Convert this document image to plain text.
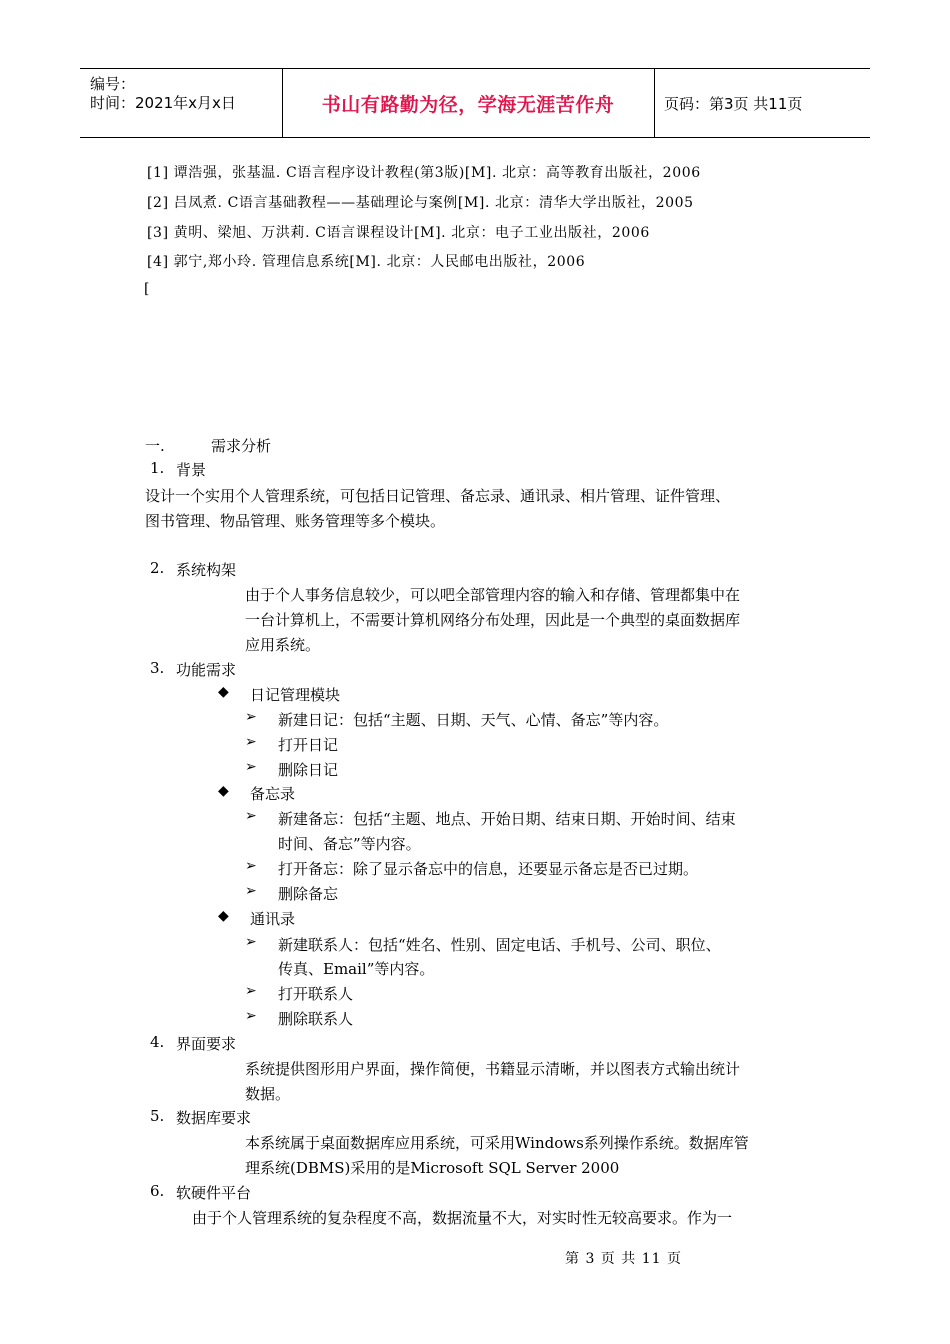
编号：
时间：2021年x月x日	书山有路勤为径，学海无涯苦作舟	页码：第3页 共11页
[1] 谭浩强，张基温. C语言程序设计教程(第3版)[M]. 北京：高等教育出版社，2006
[2] 吕凤煮. C语言基础教程——基础理论与案例[M]. 北京：清华大学出版社，2005
[3] 黄明、梁旭、万洪莉. C语言课程设计[M]. 北京：电子工业出版社，2006
[4] 郭宁,郑小玲. 管理信息系统[M]. 北京：人民邮电出版社，2006
[
一.	需求分析
1. 背景
设计一个实用个人管理系统，可包括日记管理、备忘录、通讯录、相片管理、证件管理、
图书管理、物品管理、账务管理等多个模块。
2. 系统构架
由于个人事务信息较少，可以吧全部管理内容的输入和存储、管理都集中在
一台计算机上，不需要计算机网络分布处理，因此是一个典型的桌面数据库
应用系统。
3. 功能需求
◆ 日记管理模块
➢ 新建日记：包括“主题、日期、天气、心情、备忘”等内容。
➢ 打开日记
➢ 删除日记
◆ 备忘录
➢ 新建备忘：包括“主题、地点、开始日期、结束日期、开始时间、结束
时间、备忘”等内容。
➢ 打开备忘：除了显示备忘中的信息，还要显示备忘是否已过期。
➢ 删除备忘
◆ 通讯录
➢ 新建联系人：包括“姓名、性别、固定电话、手机号、公司、职位、
传真、Email”等内容。
➢ 打开联系人
➢ 删除联系人
4. 界面要求
系统提供图形用户界面，操作简便，书籍显示清晰，并以图表方式输出统计
数据。
5. 数据库要求
本系统属于桌面数据库应用系统，可采用Windows系列操作系统。数据库管
理系统(DBMS)采用的是Microsoft SQL Server 2000
6. 软硬件平台
由于个人管理系统的复杂程度不高，数据流量不大，对实时性无较高要求。作为一
第 3 页 共 11 页
